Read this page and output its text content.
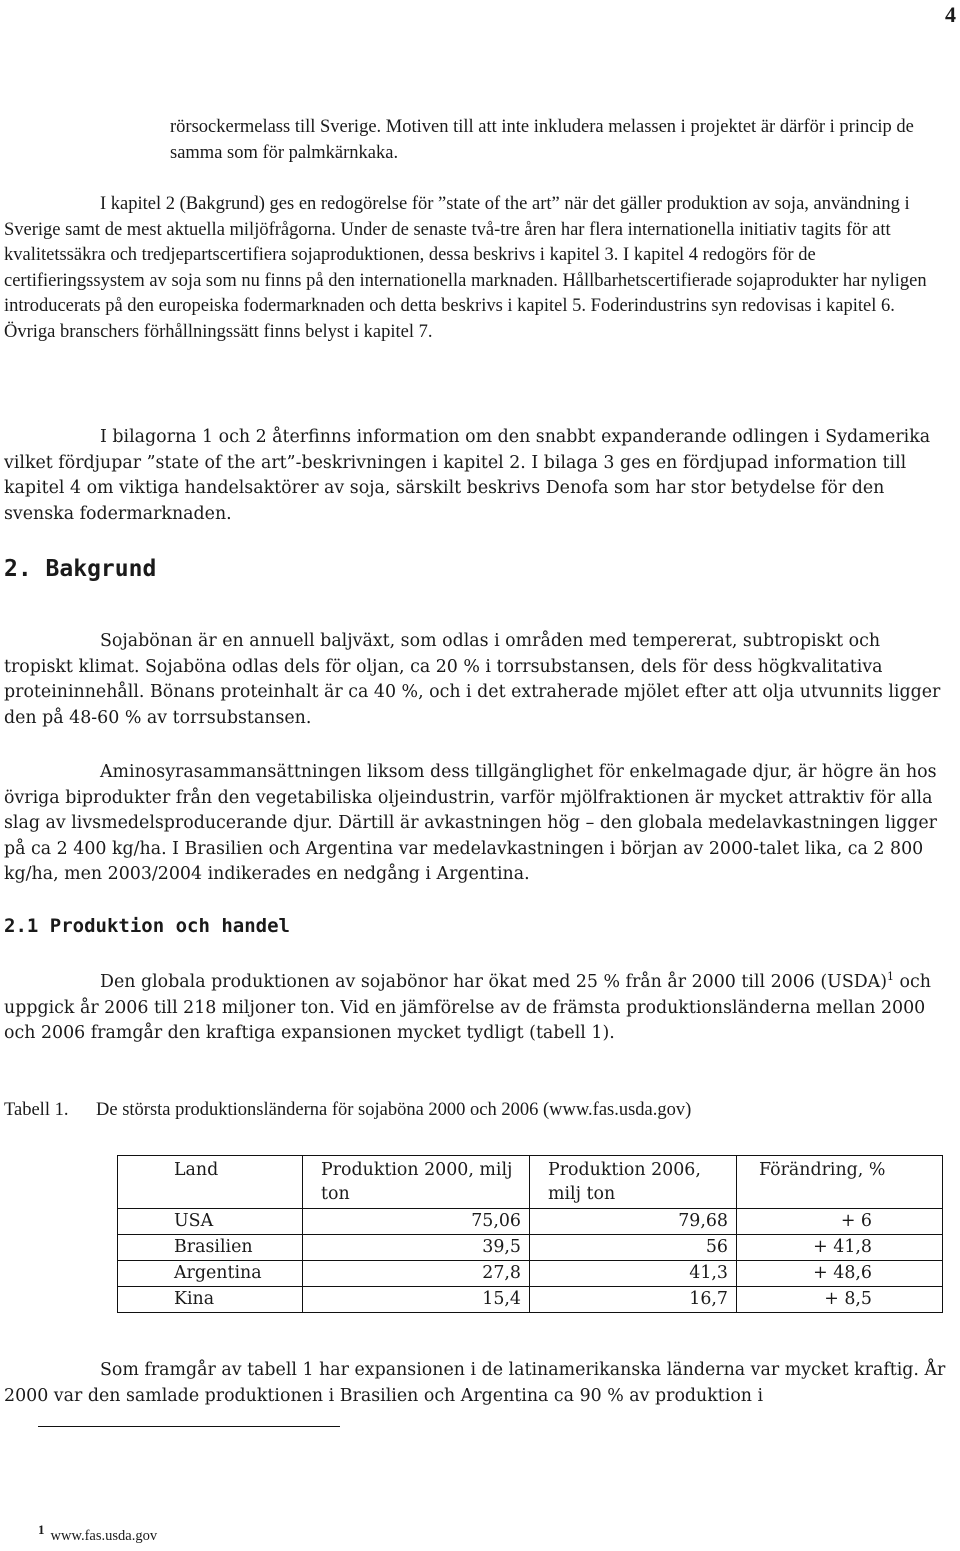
4

rörsockermelass till Sverige. Motiven till att inte inkludera melassen i projektet är därför i princip de samma som för palmkärnkaka.

I kapitel 2 (Bakgrund) ges en redogörelse för ”state of the art” när det gäller produktion av soja, användning i Sverige samt de mest aktuella miljöfrågorna. Under de senaste två-tre åren har flera internationella initiativ tagits för att kvalitetssäkra och tredjepartscertifiera sojaproduktionen, dessa beskrivs i kapitel 3. I kapitel 4 redogörs för de certifieringssystem av soja som nu finns på den internationella marknaden. Hållbarhetscertifierade sojaprodukter har nyligen introducerats på den europeiska fodermarknaden och detta beskrivs i kapitel 5. Foderindustrins syn redovisas i kapitel 6. Övriga branschers förhållningssätt finns belyst i kapitel 7.

I bilagorna 1 och 2 återfinns information om den snabbt expanderande odlingen i Sydamerika vilket fördjupar ”state of the art”-beskrivningen i kapitel 2. I bilaga 3 ges en fördjupad information till kapitel 4 om viktiga handelsaktörer av soja, särskilt beskrivs Denofa som har stor betydelse för den svenska fodermarknaden.

2. Bakgrund

Sojabönan är en annuell baljväxt, som odlas i områden med tempererat, subtropiskt och tropiskt klimat. Sojaböna odlas dels för oljan, ca 20 % i torrsubstansen, dels för dess högkvalitativa proteininnehåll. Bönans proteinhalt är ca 40 %, och i det extraherade mjölet efter att olja utvunnits ligger den på 48-60 % av torrsubstansen.

Aminosyrasammansättningen liksom dess tillgänglighet för enkelmagade djur, är högre än hos övriga biprodukter från den vegetabiliska oljeindustrin, varför mjölfraktionen är mycket attraktiv för alla slag av livsmedelsproducerande djur. Därtill är avkastningen hög – den globala medelavkastningen ligger på ca 2 400 kg/ha. I Brasilien och Argentina var medelavkastningen i början av 2000-talet lika, ca 2 800 kg/ha, men 2003/2004 indikerades en nedgång i Argentina.

2.1 Produktion och handel

Den globala produktionen av sojabönor har ökat med 25 % från år 2000 till 2006 (USDA)$^1$ och uppgick år 2006 till 218 miljoner ton. Vid en jämförelse av de främsta produktionsländerna mellan 2000 och 2006 framgår den kraftiga expansionen mycket tydligt (tabell 1).

Tabell 1. De största produktionsländerna för sojaböna 2000 och 2006 (www.fas.usda.gov)

Land	Produktion 2000, milj ton	Produktion 2006, milj ton	Förändring, %
USA	75,06	79,68	+ 6
Brasilien	39,5	56	+ 41,8
Argentina	27,8	41,3	+ 48,6
Kina	15,4	16,7	+ 8,5

Som framgår av tabell 1 har expansionen i de latinamerikanska länderna var mycket kraftig. År 2000 var den samlade produktionen i Brasilien och Argentina ca 90 % av produktion i

1 www.fas.usda.gov
